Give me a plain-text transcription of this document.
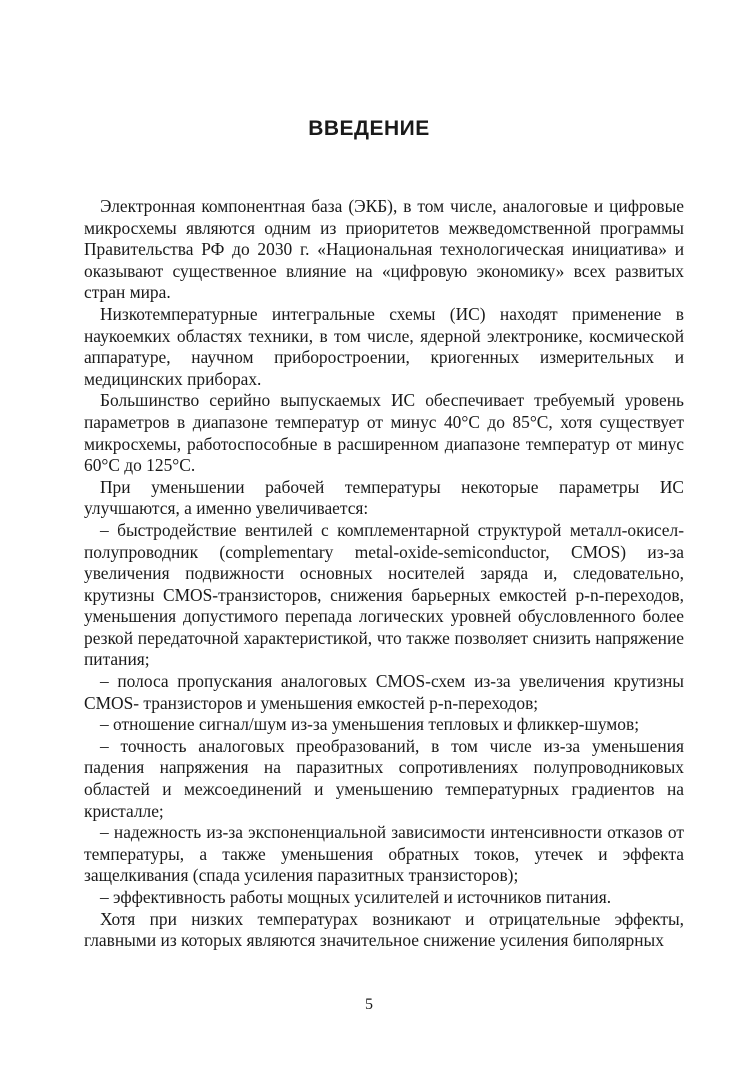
ВВЕДЕНИЕ

Электронная компонентная база (ЭКБ), в том числе, аналоговые и цифровые микросхемы являются одним из приоритетов межведомственной программы Правительства РФ до 2030 г. «Национальная технологическая инициатива» и оказывают существенное влияние на «цифровую экономику» всех развитых стран мира.

Низкотемпературные интегральные схемы (ИС) находят применение в наукоемких областях техники, в том числе, ядерной электронике, космической аппаратуре, научном приборостроении, криогенных измерительных и медицинских приборах.

Большинство серийно выпускаемых ИС обеспечивает требуемый уровень параметров в диапазоне температур от минус 40°С до 85°С, хотя существует микросхемы, работоспособные в расширенном диапазоне температур от минус 60°С до 125°С.

При уменьшении рабочей температуры некоторые параметры ИС улучшаются, а именно увеличивается:

– быстродействие вентилей с комплементарной структурой металл-окисел-полупроводник (complementary metal-oxide-semiconductor, CMOS) из-за увеличения подвижности основных носителей заряда и, следовательно, крутизны CMOS-транзисторов, снижения барьерных емкостей p-n-переходов, уменьшения допустимого перепада логических уровней обусловленного более резкой передаточной характеристикой, что также позволяет снизить напряжение питания;

– полоса пропускания аналоговых CMOS-схем из-за увеличения крутизны CMOS- транзисторов и уменьшения емкостей p-n-переходов;

– отношение сигнал/шум из-за уменьшения тепловых и фликкер-шумов;

– точность аналоговых преобразований, в том числе из-за уменьшения падения напряжения на паразитных сопротивлениях полупроводниковых областей и межсоединений и уменьшению температурных градиентов на кристалле;

– надежность из-за экспоненциальной зависимости интенсивности отказов от температуры, а также уменьшения обратных токов, утечек и эффекта защелкивания (спада усиления паразитных транзисторов);

– эффективность работы мощных усилителей и источников питания.

Хотя при низких температурах возникают и отрицательные эффекты, главными из которых являются значительное снижение усиления биполярных

5
